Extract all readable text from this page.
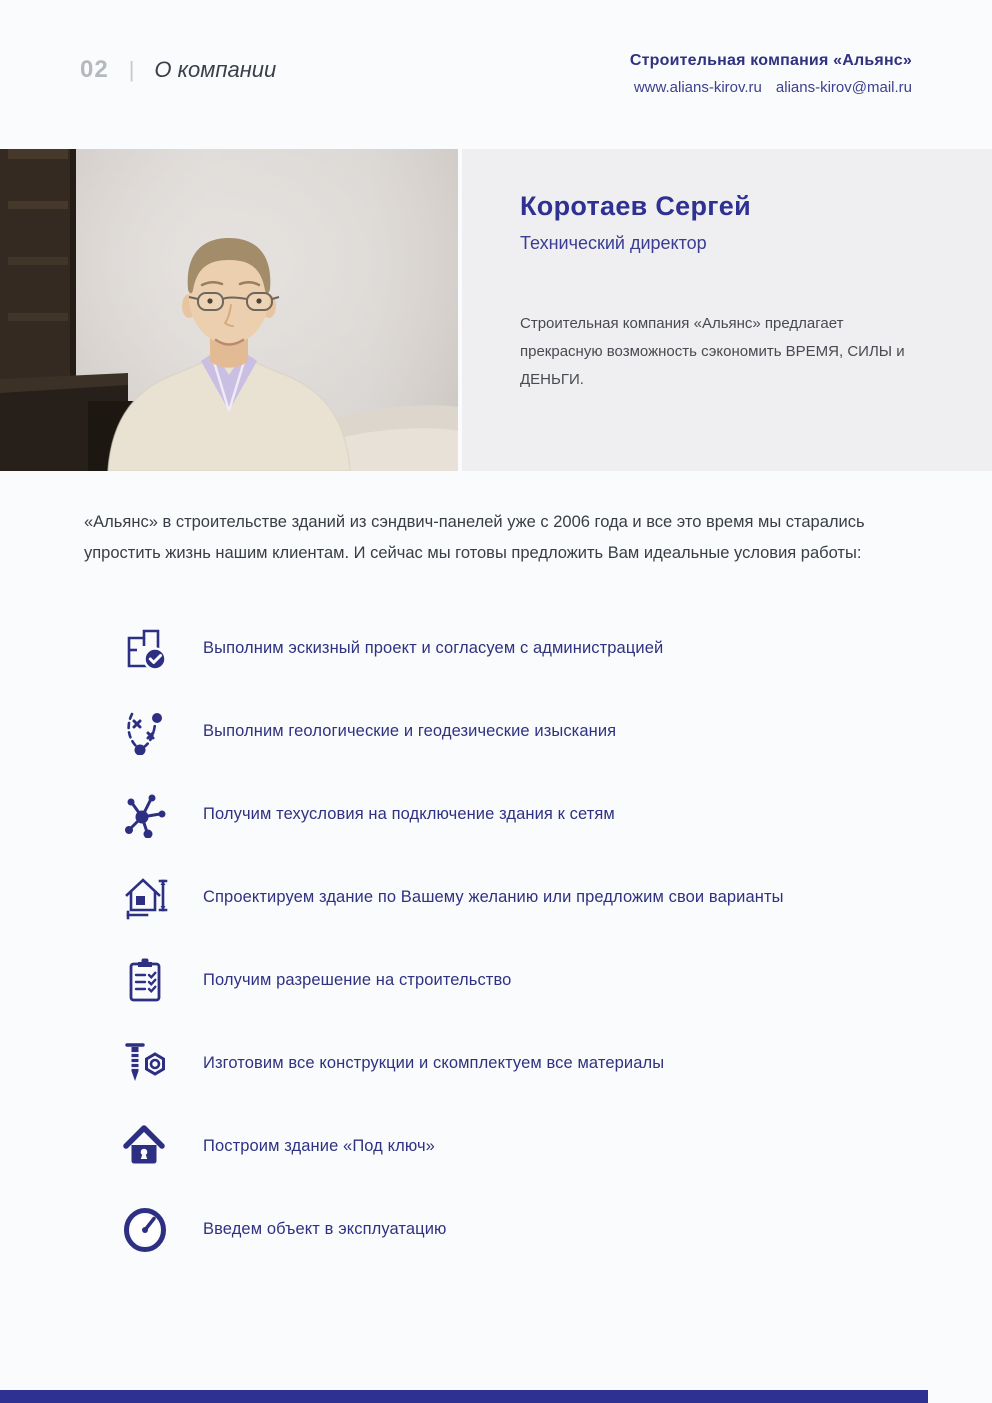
02 | О компании	Строительная компания «Альянс»
www.alians-kirov.ru alians-kirov@mail.ru
Коротаев Сергей
Технический директор
Строительная компания «Альянс» предлагает прекрасную возможность сэкономить ВРЕМЯ, СИЛЫ и ДЕНЬГИ.
«Альянс» в строительстве зданий из сэндвич-панелей уже с 2006 года и все это время мы старались упростить жизнь нашим клиентам. И сейчас мы готовы предложить Вам идеальные условия работы:
Выполним эскизный проект и согласуем с администрацией
Выполним геологические и геодезические изыскания
Получим техусловия на подключение здания к сетям
Спроектируем здание по Вашему желанию или предложим свои варианты
Получим разрешение на строительство
Изготовим все конструкции и скомплектуем все материалы
Построим здание «Под ключ»
Введем объект в эксплуатацию
